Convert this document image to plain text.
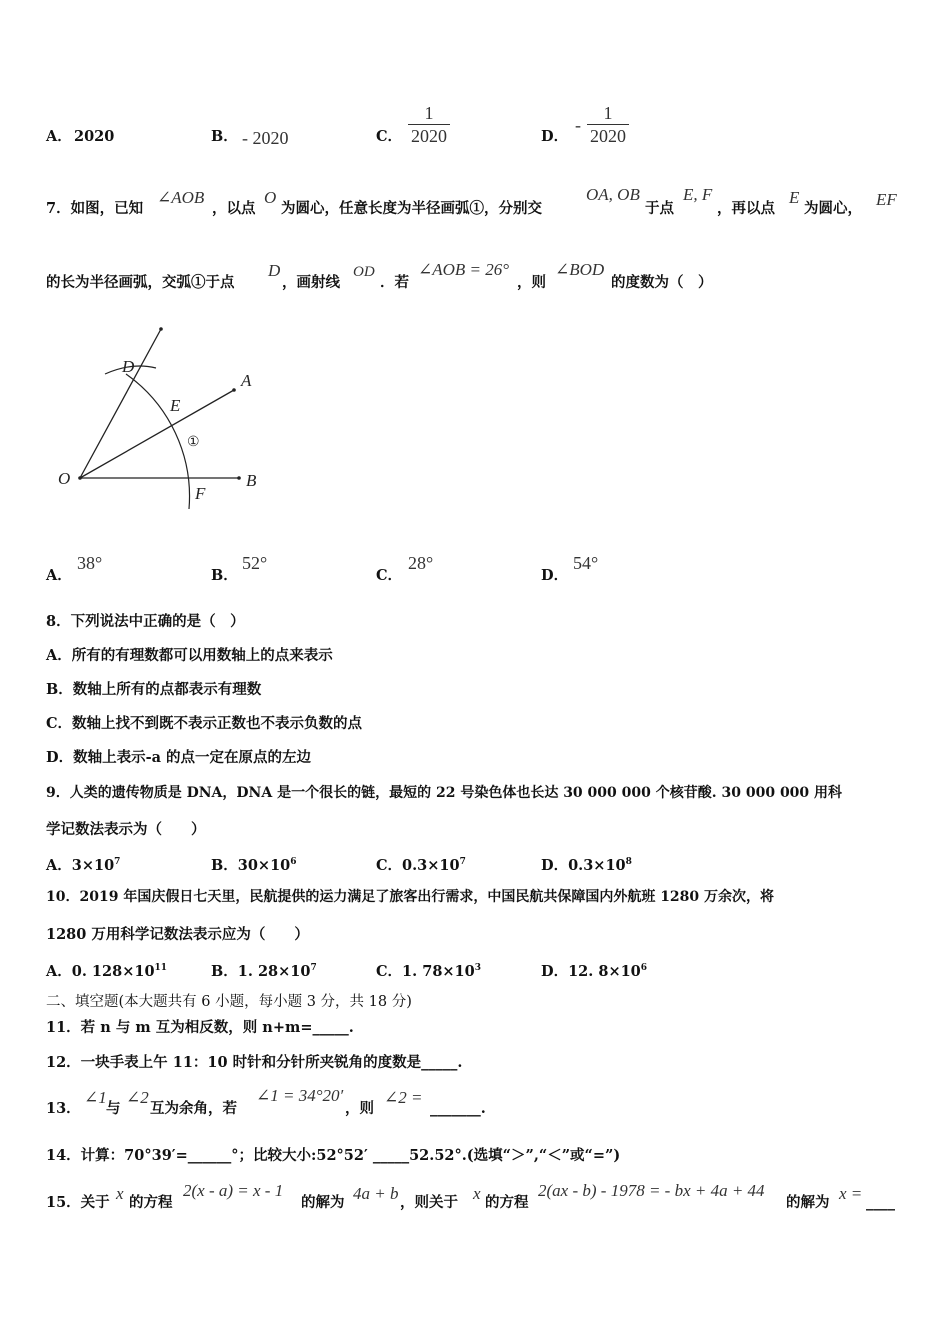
A． 2020	B． - 2020	C．
1
2020	D．
-
1
2020
7．如图，已知
∠AOB
，以点
O
为圆心，任意长度为半径画弧①，分别交
OA, OB
于点
E, F
，再以点
E
为圆心， EF
的长为半径画弧，交弧①于点
D
，画射线
OD
．若
∠AOB = 26°
，则
∠BOD
的度数为（　）
D
E
A
B
O
F
①
A．
38°
B．
52°
C．
28°
D．
54°
8．下列说法中正确的是（　）
A．所有的有理数都可以用数轴上的点来表示
B．数轴上所有的点都表示有理数
C．数轴上找不到既不表示正数也不表示负数的点
D．数轴上表示-a 的点一定在原点的左边
9．人类的遗传物质是 DNA，DNA 是一个很长的链，最短的 22 号染色体也长达 30 000 000 个核苷酸. 30 000 000 用科
学记数法表示为（　　）
A．$3\times 10^7$	B．$30\times 10^6$	C．$0.3\times 10^7$	D．$0.3\times 10^8$
10．2019 年国庆假日七天里，民航提供的运力满足了旅客出行需求，中国民航共保障国内外航班 1280 万余次，将
1280 万用科学记数法表示应为（　　）
A．0. $128\times 10^{11}$	B．1. $28\times 10^7$	C．1. $78\times 10^3$	D．12. $8\times 10^6$
二、填空题(本大题共有 6 小题，每小题 3 分，共 18 分)
11．若 n 与 m 互为相反数，则 n+m=_____.
12．一块手表上午 11：10 时针和分针所夹锐角的度数是_____.
13．
∠1
与
∠2
互为余角，若
∠1 = 34°20′
，则
∠2 =
_______.
14．计算：70°39′=______°；比较大小:52°52′ _____52.52°.(选填“＞”,“＜”或“=”)
15．关于 x 的方程
2(x - a) = x - 1
的解为 4a + b ，则关于 x 的方程
2(ax - b) - 1978 = - bx + 4a + 44
的解为 x = ____
